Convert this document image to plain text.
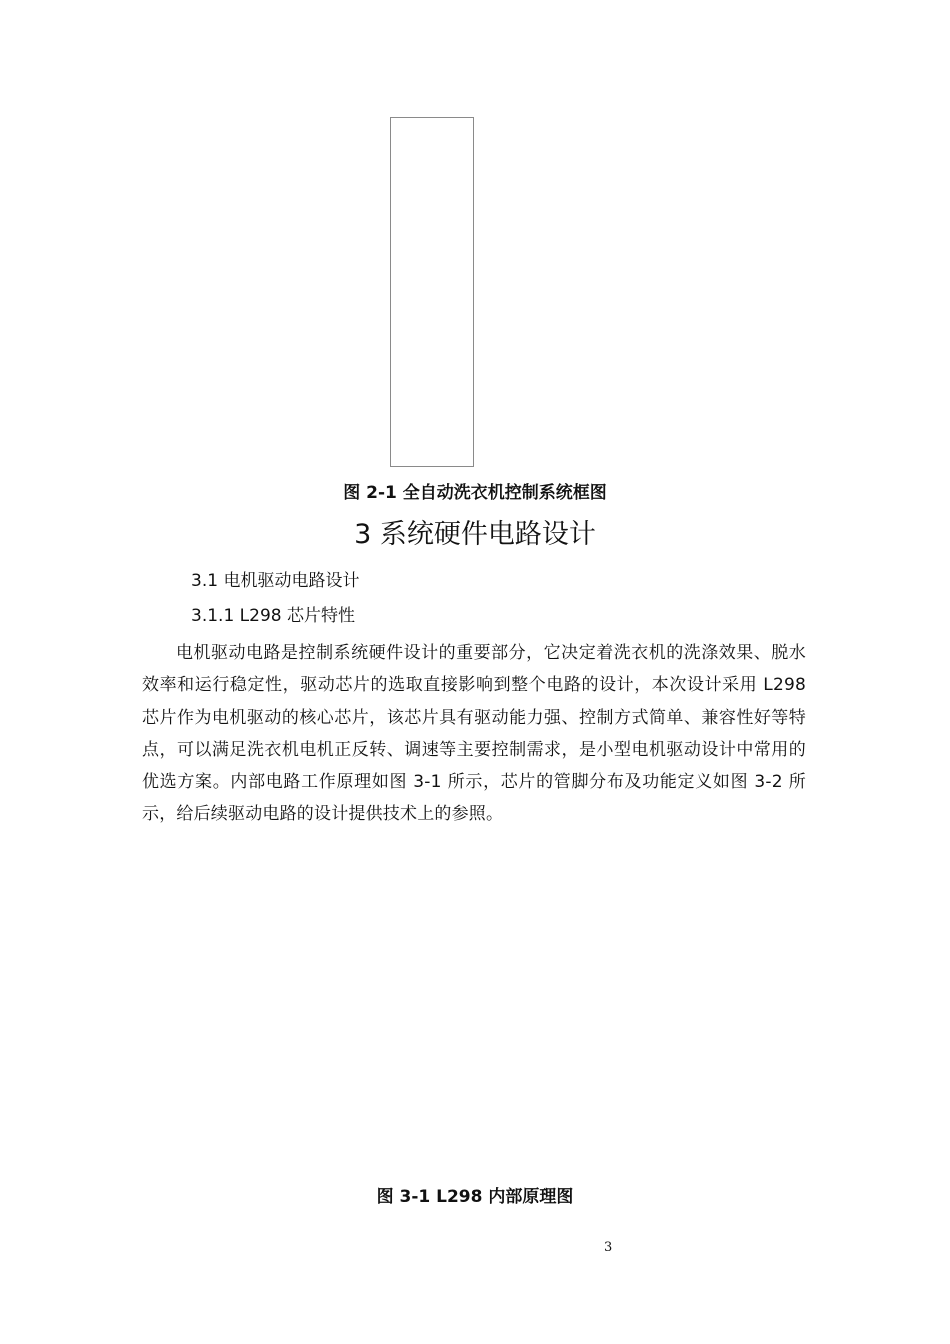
图 2-1 全自动洗衣机控制系统框图
3 系统硬件电路设计
3.1 电机驱动电路设计
3.1.1 L298 芯片特性

电机驱动电路是控制系统硬件设计的重要部分，它决定着洗衣机的洗涤效果、脱水效率和运行稳定性，驱动芯片的选取直接影响到整个电路的设计，本次设计采用 L298 芯片作为电机驱动的核心芯片，该芯片具有驱动能力强、控制方式简单、兼容性好等特点，可以满足洗衣机电机正反转、调速等主要控制需求，是小型电机驱动设计中常用的优选方案。内部电路工作原理如图 3-1 所示，芯片的管脚分布及功能定义如图 3-2 所示，给后续驱动电路的设计提供技术上的参照。

图 3-1 L298 内部原理图
3
